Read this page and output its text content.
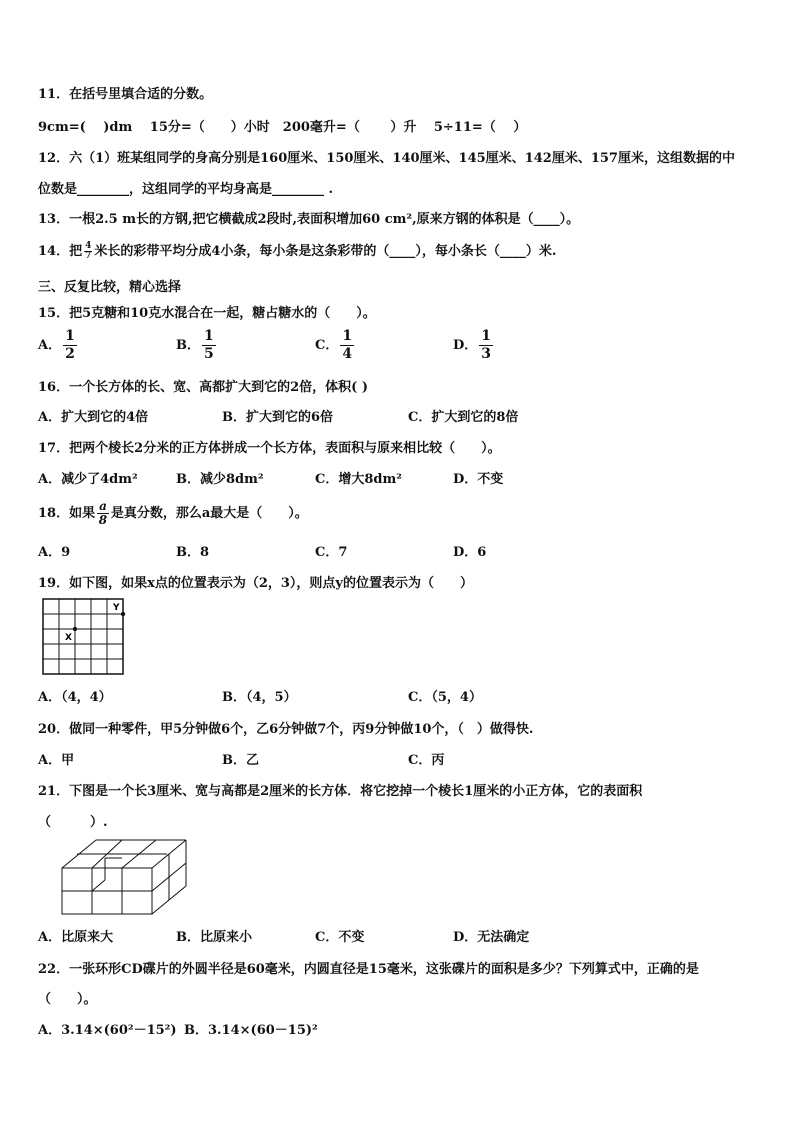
11．在括号里填合适的分数。
9cm=(　 )dm　 15分=（　　）小时　200毫升=（　　 ）升　 5÷11=（　 ）
12．六（1）班某组同学的身高分别是160厘米、150厘米、140厘米、145厘米、142厘米、157厘米，这组数据的中
位数是________，这组同学的平均身高是________ .
13．一根2.5 m长的方钢,把它横截成2段时,表面积增加60 cm²,原来方钢的体积是（____）。
14．把 $\frac{4}{7}$ 米长的彩带平均分成4小条，每小条是这条彩带的（____），每小条长（____）米.
三、反复比较，精心选择
15．把5克糖和10克水混合在一起，糖占糖水的（　　）。
A． $\frac{1}{2}$	B． $\frac{1}{5}$	C． $\frac{1}{4}$	D． $\frac{1}{3}$
16．一个长方体的长、宽、高都扩大到它的2倍，体积( )
A．扩大到它的4倍	B．扩大到它的6倍	C．扩大到它的8倍
17．把两个棱长2分米的正方体拼成一个长方体，表面积与原来相比较（　　）。
A．减少了4dm²	B．减少8dm²	C．增大8dm²	D．不变
18．如果 $\frac{a}{8}$ 是真分数，那么a最大是（　　）。
A．9	B．8	C．7	D．6
19．如下图，如果x点的位置表示为（2，3），则点y的位置表示为（　　）
X
Y
A．（4，4）	B．（4，5）	C．（5，4）
20．做同一种零件，甲5分钟做6个，乙6分钟做7个，丙9分钟做10个，（　）做得快.
A．甲	B．乙	C．丙
21．下图是一个长3厘米、宽与高都是2厘米的长方体．将它挖掉一个棱长1厘米的小正方体，它的表面积
（　　　）.
A．比原来大	B．比原来小	C．不变	D．无法确定
22．一张环形CD碟片的外圆半径是60毫米，内圆直径是15毫米，这张碟片的面积是多少？下列算式中，正确的是
（　　）。
A．3.14×(60²－15²) B．3.14×(60－15)²
